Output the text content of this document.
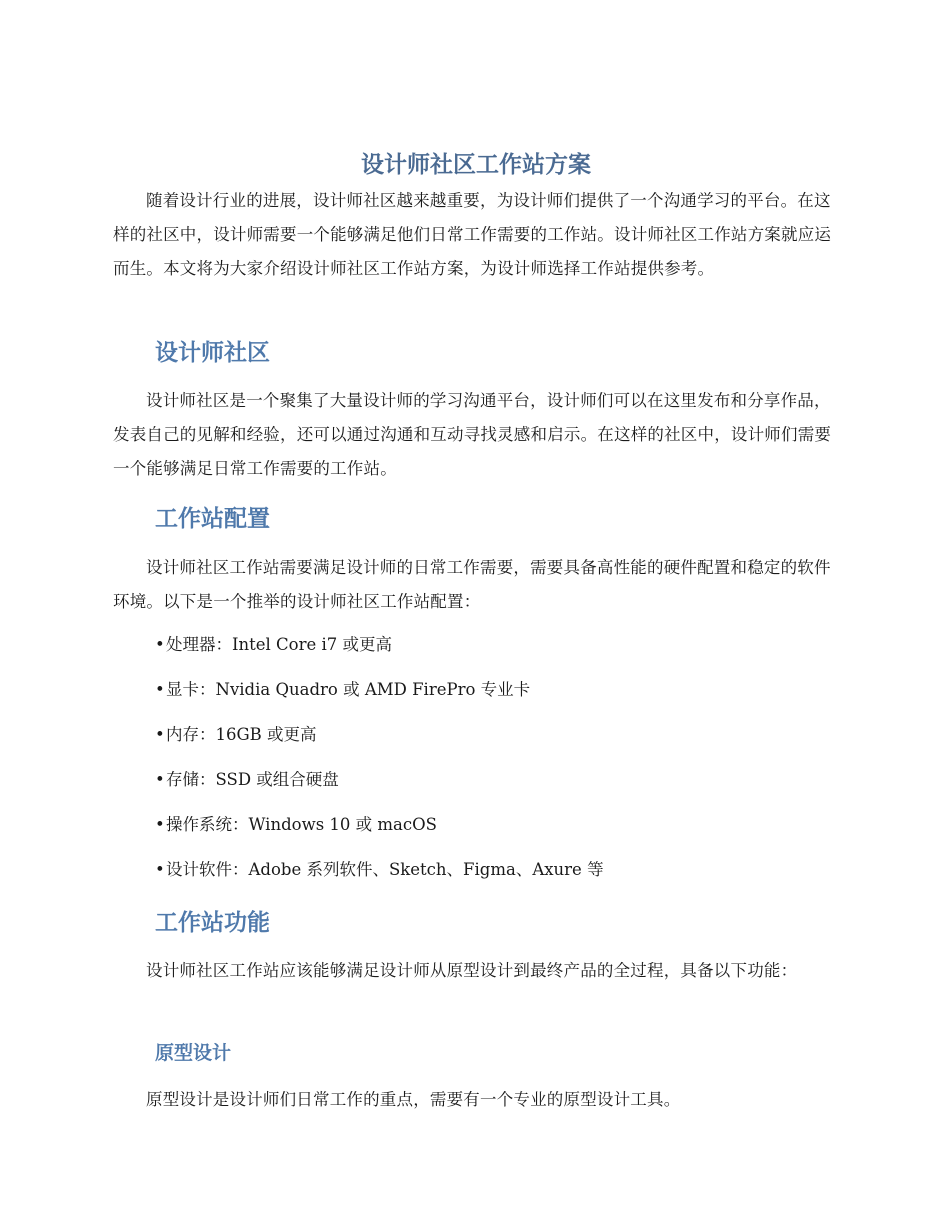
设计师社区工作站方案

随着设计行业的进展，设计师社区越来越重要，为设计师们提供了一个沟通学习的平台。在这样的社区中，设计师需要一个能够满足他们日常工作需要的工作站。设计师社区工作站方案就应运而生。本文将为大家介绍设计师社区工作站方案，为设计师选择工作站提供参考。

设计师社区

设计师社区是一个聚集了大量设计师的学习沟通平台，设计师们可以在这里发布和分享作品，发表自己的见解和经验，还可以通过沟通和互动寻找灵感和启示。在这样的社区中，设计师们需要一个能够满足日常工作需要的工作站。

工作站配置

设计师社区工作站需要满足设计师的日常工作需要，需要具备高性能的硬件配置和稳定的软件环境。以下是一个推举的设计师社区工作站配置：

•处理器：Intel Core i7 或更高

•显卡：Nvidia Quadro 或 AMD FirePro 专业卡

•内存：16GB 或更高

•存储：SSD 或组合硬盘

•操作系统：Windows 10 或 macOS

•设计软件：Adobe 系列软件、Sketch、Figma、Axure 等

工作站功能

设计师社区工作站应该能够满足设计师从原型设计到最终产品的全过程，具备以下功能：

原型设计

原型设计是设计师们日常工作的重点，需要有一个专业的原型设计工具。
